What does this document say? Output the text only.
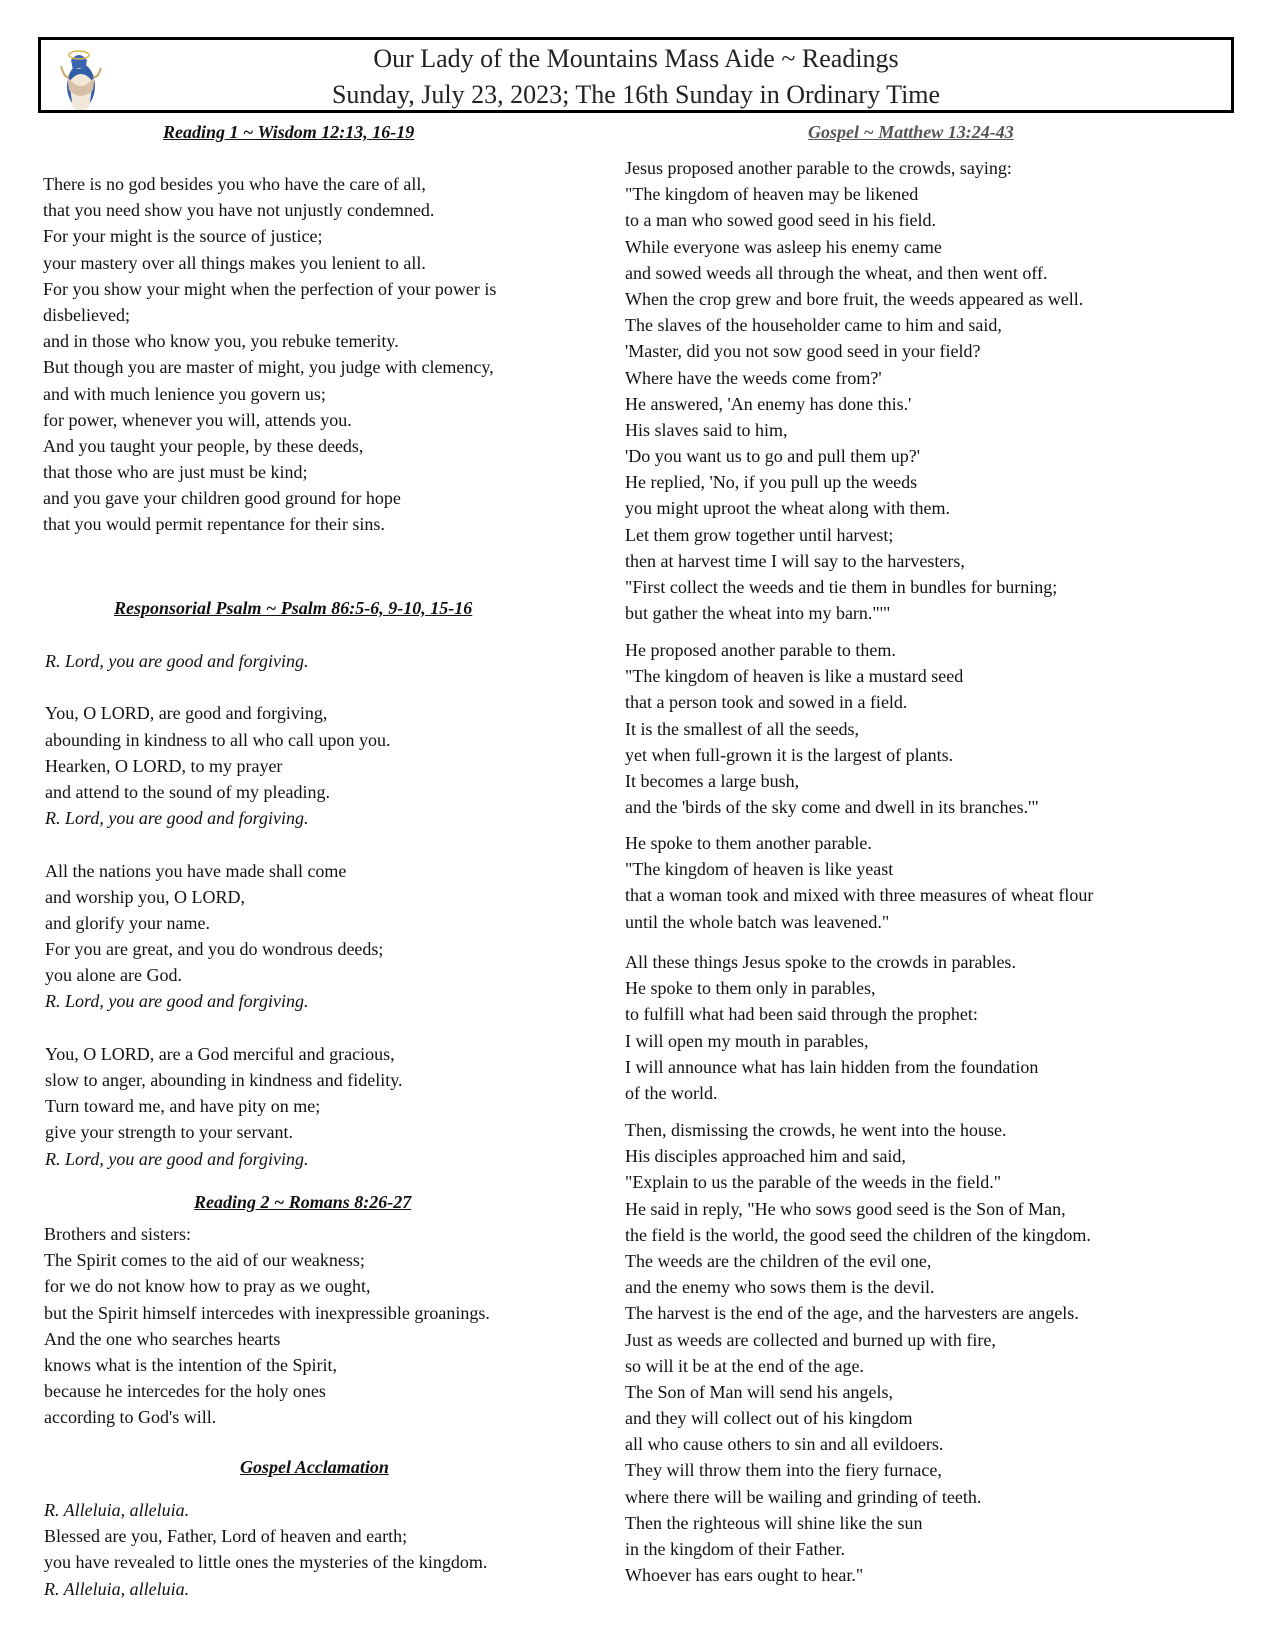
Our Lady of the Mountains Mass Aide ~ Readings
Sunday, July 23, 2023; The 16th Sunday in Ordinary Time
Reading 1 ~ Wisdom 12:13, 16-19
There is no god besides you who have the care of all,
that you need show you have not unjustly condemned.
For your might is the source of justice;
your mastery over all things makes you lenient to all.
For you show your might when the perfection of your power is
disbelieved;
and in those who know you, you rebuke temerity.
But though you are master of might, you judge with clemency,
and with much lenience you govern us;
for power, whenever you will, attends you.
And you taught your people, by these deeds,
that those who are just must be kind;
and you gave your children good ground for hope
that you would permit repentance for their sins.
Responsorial Psalm ~ Psalm 86:5-6, 9-10, 15-16
R. Lord, you are good and forgiving.
You, O LORD, are good and forgiving,
abounding in kindness to all who call upon you.
Hearken, O LORD, to my prayer
and attend to the sound of my pleading.
R. Lord, you are good and forgiving.
All the nations you have made shall come
and worship you, O LORD,
and glorify your name.
For you are great, and you do wondrous deeds;
you alone are God.
R. Lord, you are good and forgiving.
You, O LORD, are a God merciful and gracious,
slow to anger, abounding in kindness and fidelity.
Turn toward me, and have pity on me;
give your strength to your servant.
R. Lord, you are good and forgiving.
Reading 2 ~ Romans 8:26-27
Brothers and sisters:
The Spirit comes to the aid of our weakness;
for we do not know how to pray as we ought,
but the Spirit himself intercedes with inexpressible groanings.
And the one who searches hearts
knows what is the intention of the Spirit,
because he intercedes for the holy ones
according to God's will.
Gospel Acclamation
R. Alleluia, alleluia.
Blessed are you, Father, Lord of heaven and earth;
you have revealed to little ones the mysteries of the kingdom.
R. Alleluia, alleluia.
Gospel ~ Matthew 13:24-43
Jesus proposed another parable to the crowds, saying:
"The kingdom of heaven may be likened
to a man who sowed good seed in his field.
While everyone was asleep his enemy came
and sowed weeds all through the wheat, and then went off.
When the crop grew and bore fruit, the weeds appeared as well.
The slaves of the householder came to him and said,
'Master, did you not sow good seed in your field?
Where have the weeds come from?'
He answered, 'An enemy has done this.'
His slaves said to him,
'Do you want us to go and pull them up?'
He replied, 'No, if you pull up the weeds
you might uproot the wheat along with them.
Let them grow together until harvest;
then at harvest time I will say to the harvesters,
"First collect the weeds and tie them in bundles for burning;
but gather the wheat into my barn."'"
He proposed another parable to them.
"The kingdom of heaven is like a mustard seed
that a person took and sowed in a field.
It is the smallest of all the seeds,
yet when full-grown it is the largest of plants.
It becomes a large bush,
and the 'birds of the sky come and dwell in its branches.'"
He spoke to them another parable.
"The kingdom of heaven is like yeast
that a woman took and mixed with three measures of wheat flour
until the whole batch was leavened."
All these things Jesus spoke to the crowds in parables.
He spoke to them only in parables,
to fulfill what had been said through the prophet:
I will open my mouth in parables,
I will announce what has lain hidden from the foundation
of the world.
Then, dismissing the crowds, he went into the house.
His disciples approached him and said,
"Explain to us the parable of the weeds in the field."
He said in reply, "He who sows good seed is the Son of Man,
the field is the world, the good seed the children of the kingdom.
The weeds are the children of the evil one,
and the enemy who sows them is the devil.
The harvest is the end of the age, and the harvesters are angels.
Just as weeds are collected and burned up with fire,
so will it be at the end of the age.
The Son of Man will send his angels,
and they will collect out of his kingdom
all who cause others to sin and all evildoers.
They will throw them into the fiery furnace,
where there will be wailing and grinding of teeth.
Then the righteous will shine like the sun
in the kingdom of their Father.
Whoever has ears ought to hear."
